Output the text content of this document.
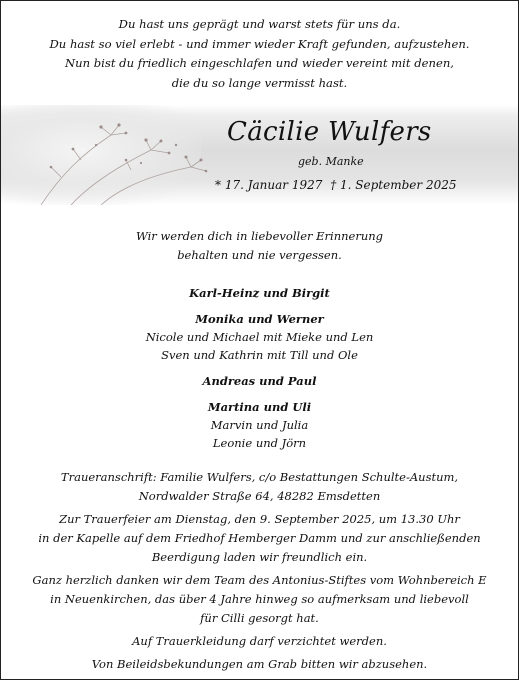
Du hast uns geprägt und warst stets für uns da.
Du hast so viel erlebt - und immer wieder Kraft gefunden, aufzustehen.
Nun bist du friedlich eingeschlafen und wieder vereint mit denen,
die du so lange vermisst hast.
Cäcilie Wulfers
geb. Manke
* 17. Januar 1927 † 1. September 2025
Wir werden dich in liebevoller Erinnerung
behalten und nie vergessen.
Karl-Heinz und Birgit
Monika und Werner
Nicole und Michael mit Mieke und Len
Sven und Kathrin mit Till und Ole
Andreas und Paul
Martina und Uli
Marvin und Julia
Leonie und Jörn
Traueranschrift: Familie Wulfers, c/o Bestattungen Schulte-Austum,
Nordwalder Straße 64, 48282 Emsdetten
Zur Trauerfeier am Dienstag, den 9. September 2025, um 13.30 Uhr
in der Kapelle auf dem Friedhof Hemberger Damm und zur anschließenden
Beerdigung laden wir freundlich ein.
Ganz herzlich danken wir dem Team des Antonius-Stiftes vom Wohnbereich E
in Neuenkirchen, das über 4 Jahre hinweg so aufmerksam und liebevoll
für Cilli gesorgt hat.
Auf Trauerkleidung darf verzichtet werden.
Von Beileidsbekundungen am Grab bitten wir abzusehen.
